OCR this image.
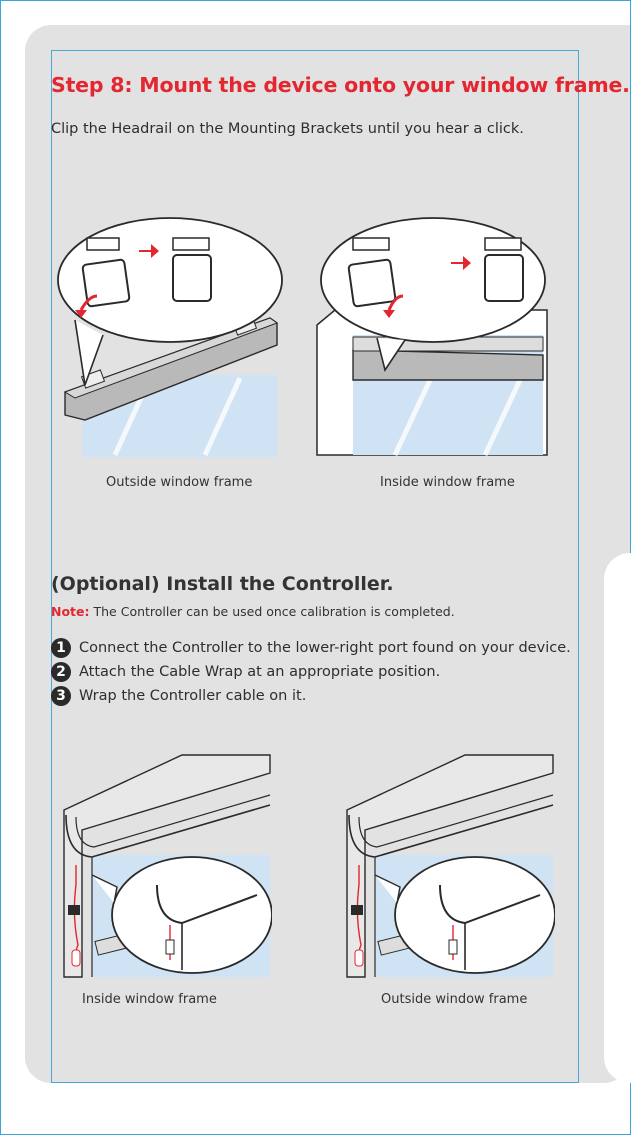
Step 8: Mount the device onto your window frame.
Clip the Headrail on the Mounting Brackets until you hear a click.
Outside window frame	Inside window frame
(Optional) Install the Controller.
Note: The Controller can be used once calibration is completed.
1 Connect the Controller to the lower-right port found on your device.
2 Attach the Cable Wrap at an appropriate position.
3 Wrap the Controller cable on it.
Inside window frame	Outside window frame
